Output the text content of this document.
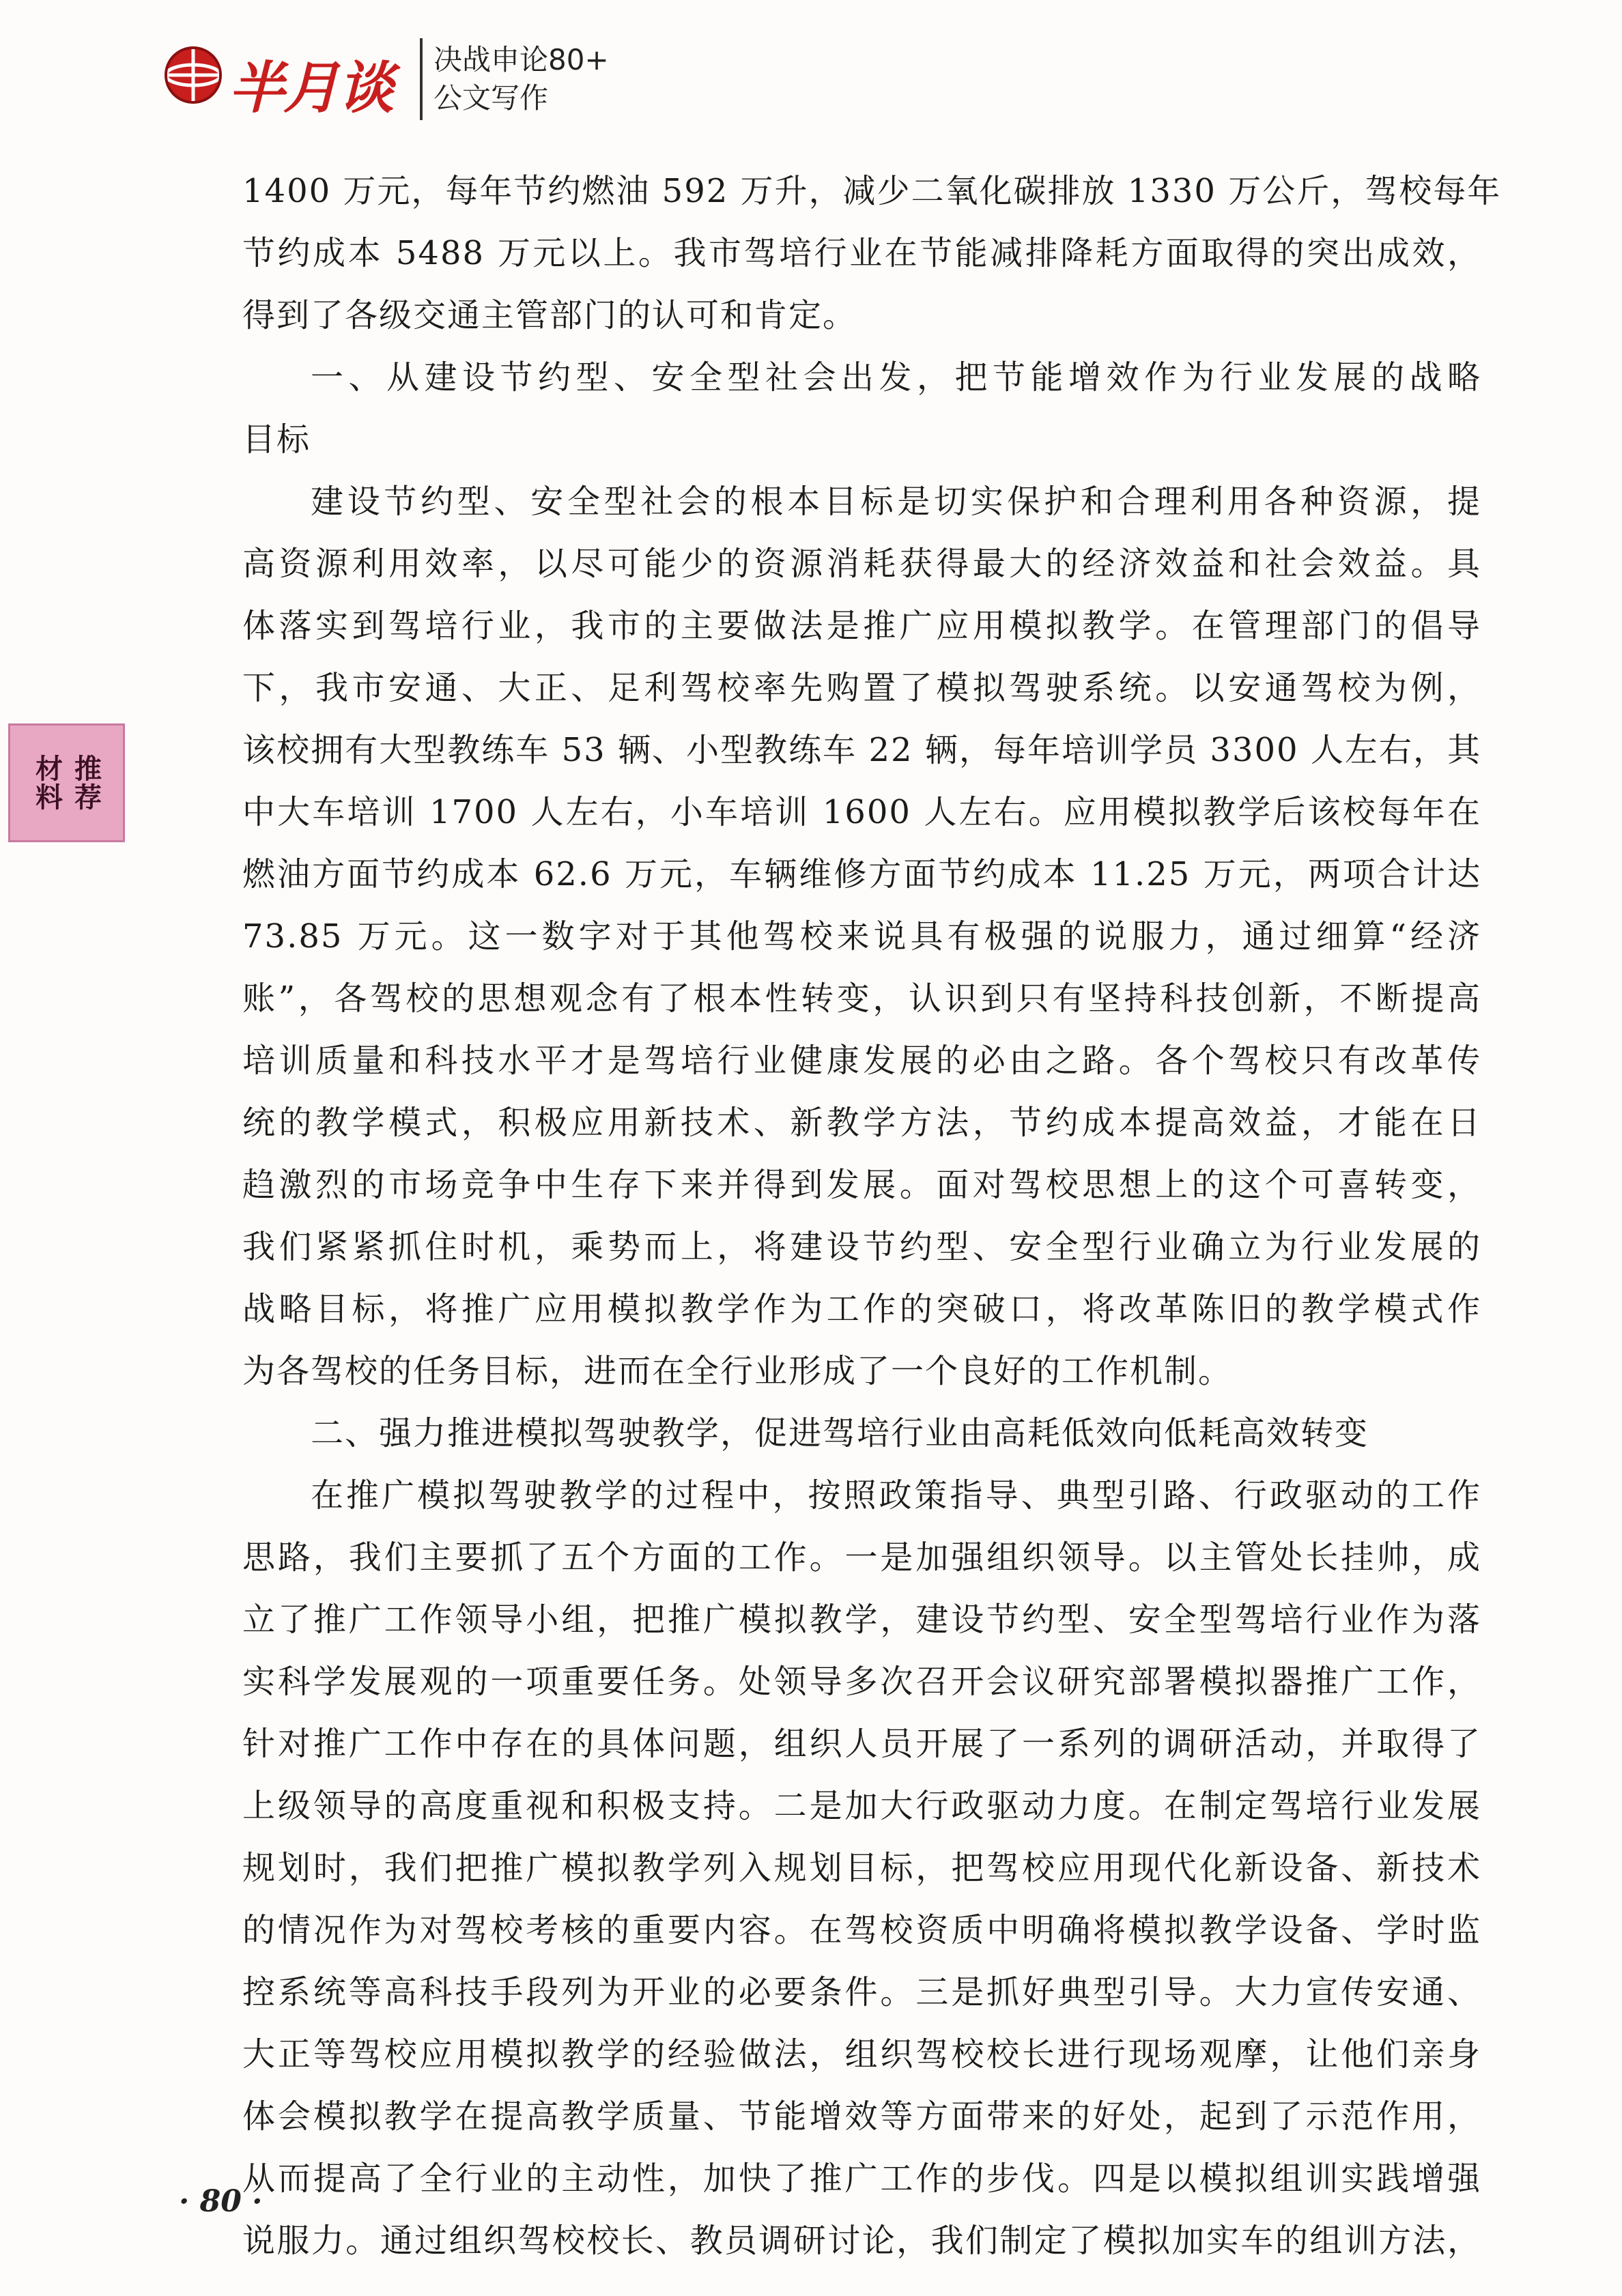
半月谈 决战申论80+
公文写作
推荐材料
1400 万元，每年节约燃油 592 万升，减少二氧化碳排放 1330 万公斤，驾校每年
节约成本 5488 万元以上。我市驾培行业在节能减排降耗方面取得的突出成效，
得到了各级交通主管部门的认可和肯定。
一、从建设节约型、安全型社会出发，把节能增效作为行业发展的战略
目标
建设节约型、安全型社会的根本目标是切实保护和合理利用各种资源，提
高资源利用效率，以尽可能少的资源消耗获得最大的经济效益和社会效益。具
体落实到驾培行业，我市的主要做法是推广应用模拟教学。在管理部门的倡导
下，我市安通、大正、足利驾校率先购置了模拟驾驶系统。以安通驾校为例，
该校拥有大型教练车 53 辆、小型教练车 22 辆，每年培训学员 3300 人左右，其
中大车培训 1700 人左右，小车培训 1600 人左右。应用模拟教学后该校每年在
燃油方面节约成本 62.6 万元，车辆维修方面节约成本 11.25 万元，两项合计达
73.85 万元。这一数字对于其他驾校来说具有极强的说服力，通过细算“经济
账”，各驾校的思想观念有了根本性转变，认识到只有坚持科技创新，不断提高
培训质量和科技水平才是驾培行业健康发展的必由之路。各个驾校只有改革传
统的教学模式，积极应用新技术、新教学方法，节约成本提高效益，才能在日
趋激烈的市场竞争中生存下来并得到发展。面对驾校思想上的这个可喜转变，
我们紧紧抓住时机，乘势而上，将建设节约型、安全型行业确立为行业发展的
战略目标，将推广应用模拟教学作为工作的突破口，将改革陈旧的教学模式作
为各驾校的任务目标，进而在全行业形成了一个良好的工作机制。
二、强力推进模拟驾驶教学，促进驾培行业由高耗低效向低耗高效转变
在推广模拟驾驶教学的过程中，按照政策指导、典型引路、行政驱动的工作
思路，我们主要抓了五个方面的工作。一是加强组织领导。以主管处长挂帅，成
立了推广工作领导小组，把推广模拟教学，建设节约型、安全型驾培行业作为落
实科学发展观的一项重要任务。处领导多次召开会议研究部署模拟器推广工作，
针对推广工作中存在的具体问题，组织人员开展了一系列的调研活动，并取得了
上级领导的高度重视和积极支持。二是加大行政驱动力度。在制定驾培行业发展
规划时，我们把推广模拟教学列入规划目标，把驾校应用现代化新设备、新技术
的情况作为对驾校考核的重要内容。在驾校资质中明确将模拟教学设备、学时监
控系统等高科技手段列为开业的必要条件。三是抓好典型引导。大力宣传安通、
大正等驾校应用模拟教学的经验做法，组织驾校校长进行现场观摩，让他们亲身
体会模拟教学在提高教学质量、节能增效等方面带来的好处，起到了示范作用，
从而提高了全行业的主动性，加快了推广工作的步伐。四是以模拟组训实践增强
说服力。通过组织驾校校长、教员调研讨论，我们制定了模拟加实车的组训方法，
· 80 ·
